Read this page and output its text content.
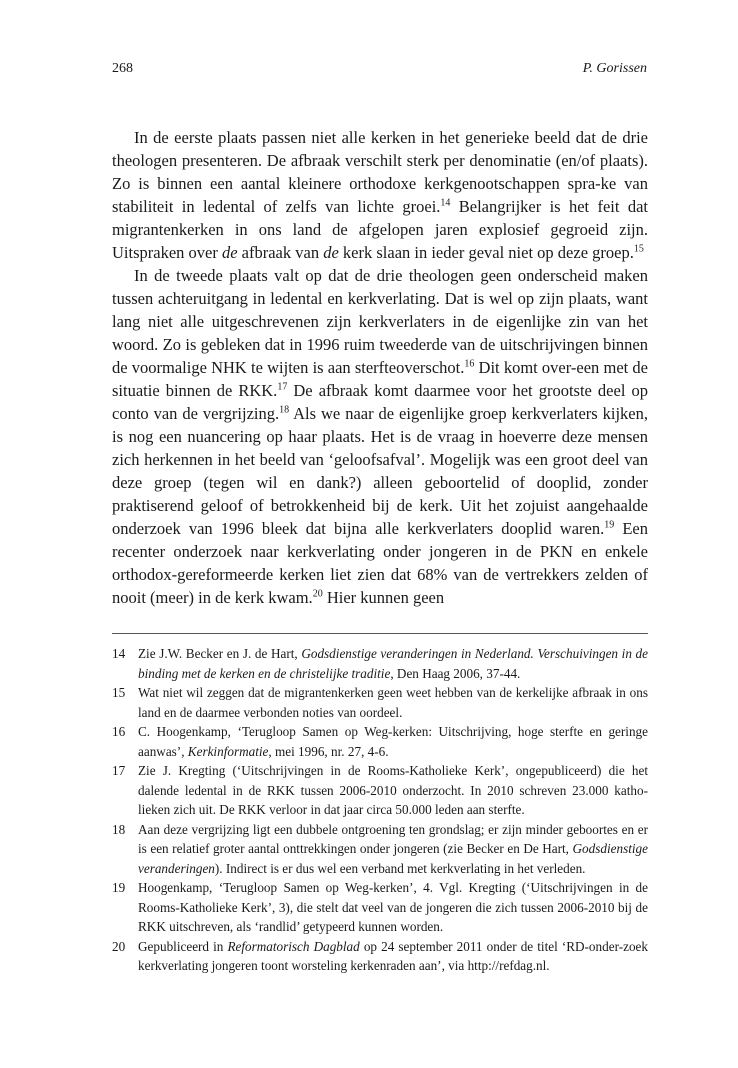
268	P. Gorissen

In de eerste plaats passen niet alle kerken in het generieke beeld dat de drie theologen presenteren. De afbraak verschilt sterk per denominatie (en/of plaats). Zo is binnen een aantal kleinere orthodoxe kerkgenootschappen spra-ke van stabiliteit in ledental of zelfs van lichte groei.$^{14}$ Belangrijker is het feit dat migrantenkerken in ons land de afgelopen jaren explosief gegroeid zijn. Uitspraken over de afbraak van de kerk slaan in ieder geval niet op deze groep.$^{15}$

In de tweede plaats valt op dat de drie theologen geen onderscheid maken tussen achteruitgang in ledental en kerkverlating. Dat is wel op zijn plaats, want lang niet alle uitgeschrevenen zijn kerkverlaters in de eigenlijke zin van het woord. Zo is gebleken dat in 1996 ruim tweederde van de uitschrijvingen binnen de voormalige NHK te wijten is aan sterfteoverschot.$^{16}$ Dit komt over-een met de situatie binnen de RKK.$^{17}$ De afbraak komt daarmee voor het grootste deel op conto van de vergrijzing.$^{18}$ Als we naar de eigenlijke groep kerkverlaters kijken, is nog een nuancering op haar plaats. Het is de vraag in hoeverre deze mensen zich herkennen in het beeld van ‘geloofsafval’. Mogelijk was een groot deel van deze groep (tegen wil en dank?) alleen geboortelid of dooplid, zonder praktiserend geloof of betrokkenheid bij de kerk. Uit het zojuist aangehaalde onderzoek van 1996 bleek dat bijna alle kerkverlaters dooplid waren.$^{19}$ Een recenter onderzoek naar kerkverlating onder jongeren in de PKN en enkele orthodox-gereformeerde kerken liet zien dat 68% van de vertrekkers zelden of nooit (meer) in de kerk kwam.$^{20}$ Hier kunnen geen

14 Zie J.W. Becker en J. de Hart, Godsdienstige veranderingen in Nederland. Verschuivingen in de binding met de kerken en de christelijke traditie, Den Haag 2006, 37-44.
15 Wat niet wil zeggen dat de migrantenkerken geen weet hebben van de kerkelijke afbraak in ons land en de daarmee verbonden noties van oordeel.
16 C. Hoogenkamp, ‘Terugloop Samen op Weg-kerken: Uitschrijving, hoge sterfte en geringe aanwas’, Kerkinformatie, mei 1996, nr. 27, 4-6.
17 Zie J. Kregting (‘Uitschrijvingen in de Rooms-Katholieke Kerk’, ongepubliceerd) die het dalende ledental in de RKK tussen 2006-2010 onderzocht. In 2010 schreven 23.000 katho-lieken zich uit. De RKK verloor in dat jaar circa 50.000 leden aan sterfte.
18 Aan deze vergrijzing ligt een dubbele ontgroening ten grondslag; er zijn minder geboortes en er is een relatief groter aantal onttrekkingen onder jongeren (zie Becker en De Hart, Godsdienstige veranderingen). Indirect is er dus wel een verband met kerkverlating in het verleden.
19 Hoogenkamp, ‘Terugloop Samen op Weg-kerken’, 4. Vgl. Kregting (‘Uitschrijvingen in de Rooms-Katholieke Kerk’, 3), die stelt dat veel van de jongeren die zich tussen 2006-2010 bij de RKK uitschreven, als ‘randlid’ getypeerd kunnen worden.
20 Gepubliceerd in Reformatorisch Dagblad op 24 september 2011 onder de titel ‘RD-onder-zoek kerkverlating jongeren toont worsteling kerkenraden aan’, via http://refdag.nl.
